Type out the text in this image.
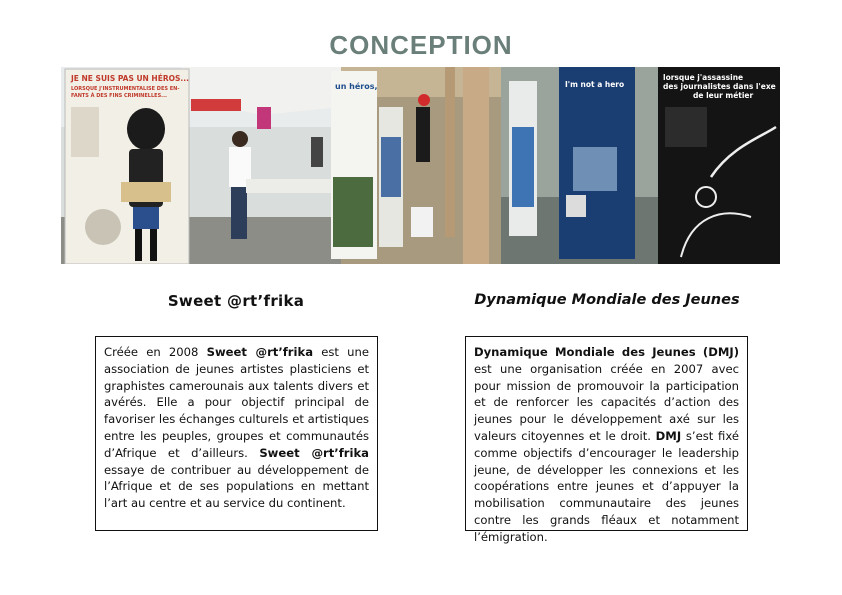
CONCEPTION
JE NE SUIS PAS UN HÉROS...
LORSQUE J'INSTRUMENTALISE DES EN-
FANTS À DES FINS CRIMINELLES...
un héros,	I'm not a hero
lorsque j'assassine
des journalistes dans l'exe
de leur métier
Sweet @rt’frika	Dynamique Mondiale des Jeunes
Créée en 2008 Sweet @rt’frika est une association de jeunes artistes plasticiens et graphistes camerounais aux talents divers et avérés. Elle a pour objectif principal de favoriser les échanges culturels et artistiques entre les peuples, groupes et communautés d’Afrique et d’ailleurs. Sweet @rt’frika essaye de contribuer au développement de l’Afrique et de ses populations en mettant l’art au centre et au service du continent.
Dynamique Mondiale des Jeunes (DMJ) est une organisation créée en 2007 avec pour mission de promouvoir la participation et de renforcer les capacités d’action des jeunes pour le développement axé sur les valeurs citoyennes et le droit. DMJ s’est fixé comme objectifs d’encourager le leadership jeune, de développer les connexions et les coopérations entre jeunes et d’appuyer la mobilisation communautaire des jeunes contre les grands fléaux et notamment l’émigration.
